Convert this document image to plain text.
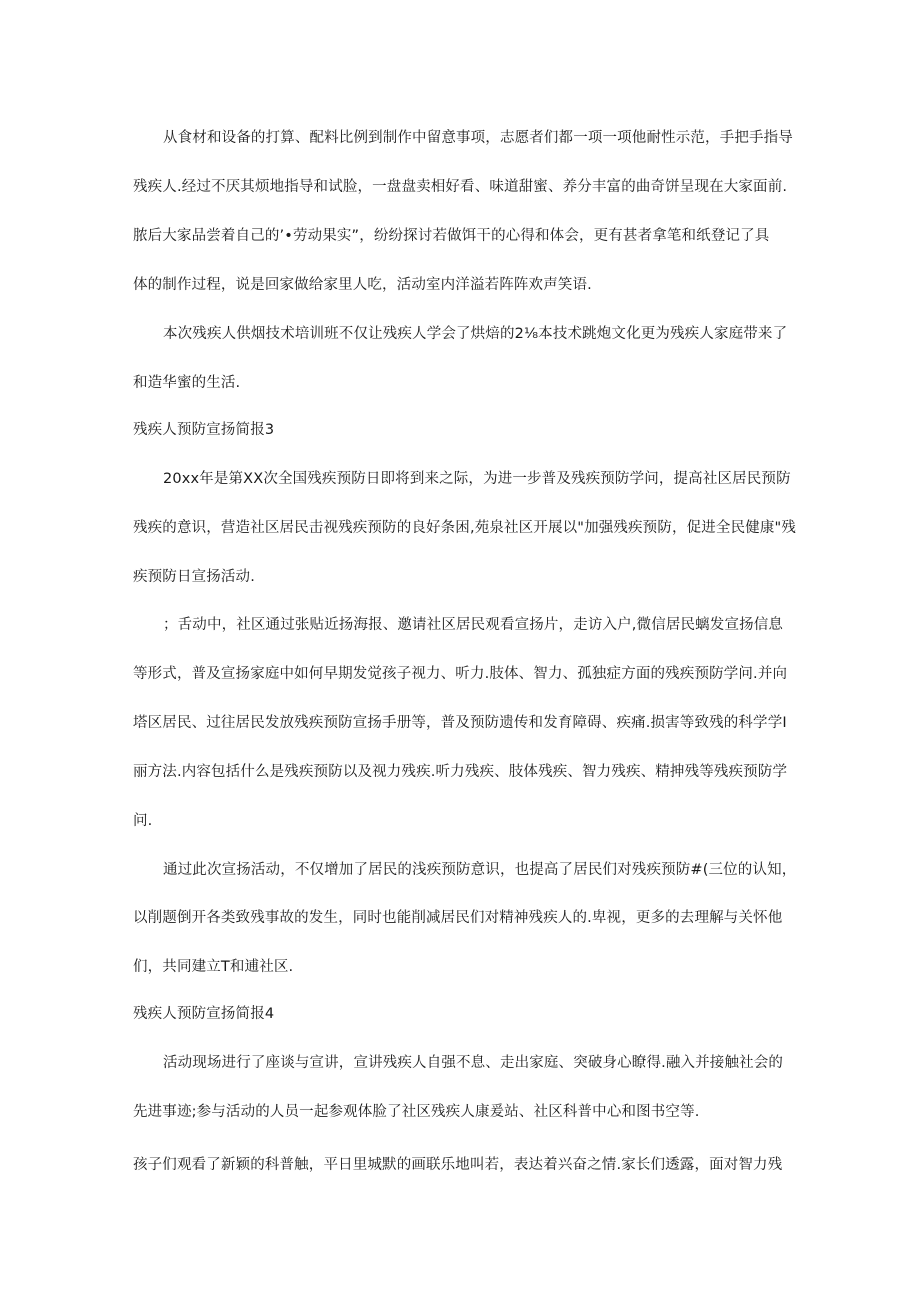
从食材和设备的打算、配料比例到制作中留意事项，志愿者们都一项一项他耐性示范，手把手指导
残疾人.经过不厌其烦地指导和试脸，一盘盘卖相好看、味道甜蜜、养分丰富的曲奇饼呈现在大家面前.
脓后大家品尝着自己的’•劳动果实”，纷纷探讨若做饵干的心得和体会，更有甚者拿笔和纸登记了具
体的制作过程，说是回家做给家里人吃，活动室内洋溢若阵阵欢声笑语.
本次残疾人供烟技术培训班不仅让残疾人学会了烘焙的2⅛本技术跳炮文化更为残疾人家庭带来了
和造华蜜的生活.
残疾人预防宣扬简报3
20xx年是第XX次全国残疾预防日即将到来之际，为进一步普及残疾预防学问，提高社区居民预防
残疾的意识，营造社区居民击视残疾预防的良好条困,苑泉社区开展以"加强残疾预防，促进全民健康"残
疾预防日宣扬活动.
；舌动中，社区通过张贴近扬海报、邀请社区居民观看宣扬片，走访入户,微信居民螭发宣扬信息
等形式，普及宣扬家庭中如何早期发觉孩子视力、听力.肢体、智力、孤独症方面的残疾预防学问.并向
塔区居民、过往居民发放残疾预防宣扬手册等，普及预防遗传和发育障碍、疾痛.损害等致残的科学学I
丽方法.内容包括什么是残疾预防以及视力残疾.听力残疾、肢体残疾、智力残疾、精抻残等残疾预防学
问.
通过此次宣扬活动，不仅增加了居民的浅疾预防意识，也提高了居民们对残疾预防#(三位的认知，
以削题倒开各类致残事故的发生，同时也能削减居民们对精神残疾人的.卑视，更多的去理解与关怀他
们，共同建立T和逋社区.
残疾人预防宣扬简报4
活动现场进行了座谈与宣讲，宣讲残疾人自强不息、走出家庭、突破身心瞭得.融入并接触社会的
先进事迹;参与活动的人员一起参观体脸了社区残疾人康爰站、社区科普中心和图书空等.
孩子们观看了新颖的科普触，平日里城默的画联乐地叫若，表达着兴奋之情.家长们透露，面对智力残
